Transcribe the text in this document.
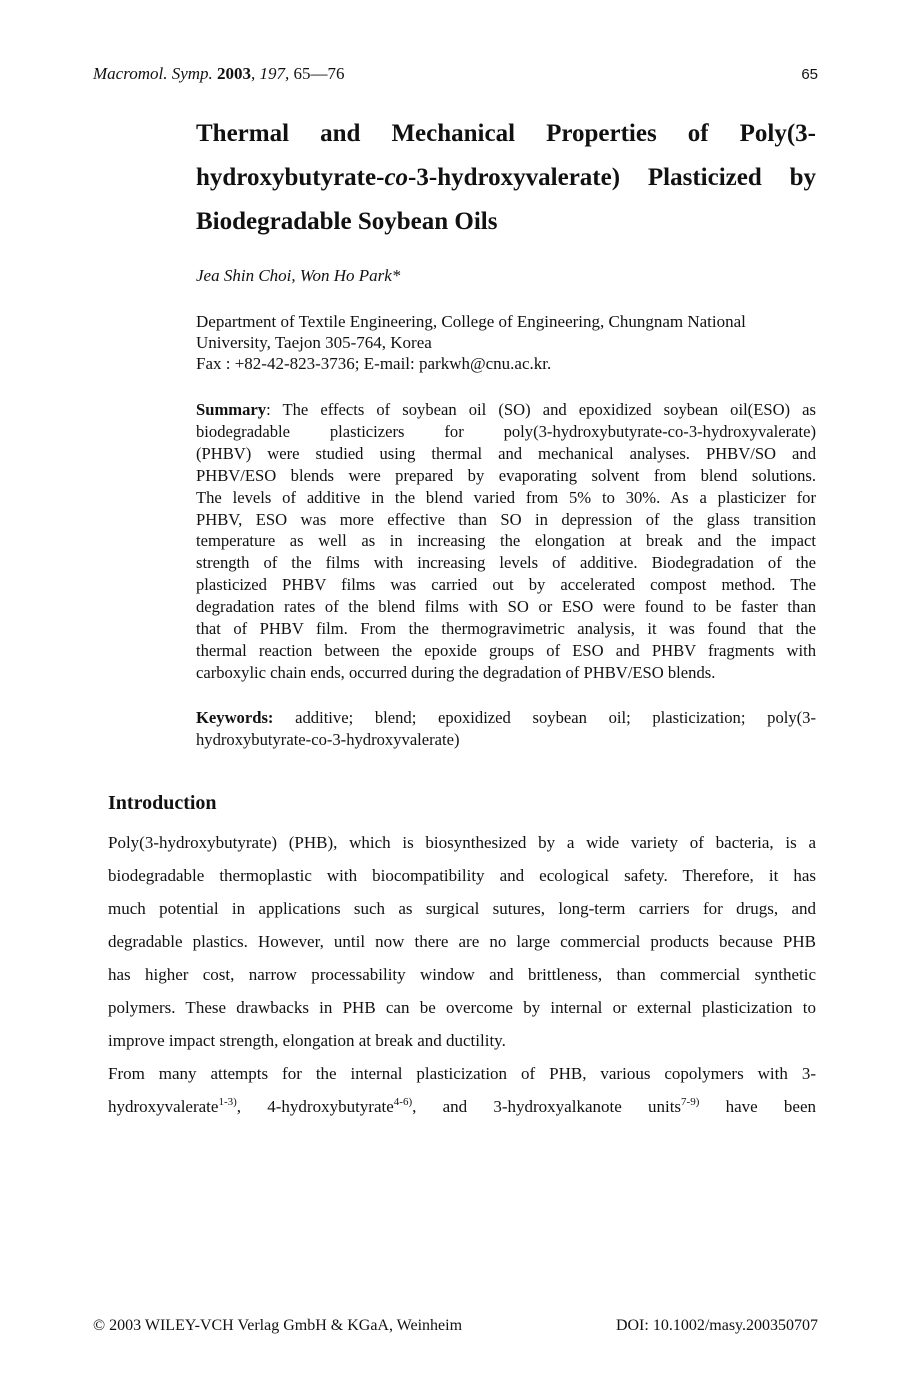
Macromol. Symp. 2003, 197, 65—76	65
Thermal and Mechanical Properties of Poly(3-
hydroxybutyrate-co-3-hydroxyvalerate) Plasticized by
Biodegradable Soybean Oils
Jea Shin Choi, Won Ho Park*
Department of Textile Engineering, College of Engineering, Chungnam National
University, Taejon 305-764, Korea
Fax : +82-42-823-3736; E-mail: parkwh@cnu.ac.kr.
Summary: The effects of soybean oil (SO) and epoxidized soybean oil(ESO) as
biodegradable plasticizers for poly(3-hydroxybutyrate-co-3-hydroxyvalerate)
(PHBV) were studied using thermal and mechanical analyses. PHBV/SO and
PHBV/ESO blends were prepared by evaporating solvent from blend solutions.
The levels of additive in the blend varied from 5% to 30%. As a plasticizer for
PHBV, ESO was more effective than SO in depression of the glass transition
temperature as well as in increasing the elongation at break and the impact
strength of the films with increasing levels of additive. Biodegradation of the
plasticized PHBV films was carried out by accelerated compost method. The
degradation rates of the blend films with SO or ESO were found to be faster than
that of PHBV film. From the thermogravimetric analysis, it was found that the
thermal reaction between the epoxide groups of ESO and PHBV fragments with
carboxylic chain ends, occurred during the degradation of PHBV/ESO blends.
Keywords: additive; blend; epoxidized soybean oil; plasticization; poly(3-
hydroxybutyrate-co-3-hydroxyvalerate)
Introduction
Poly(3-hydroxybutyrate) (PHB), which is biosynthesized by a wide variety of bacteria, is a
biodegradable thermoplastic with biocompatibility and ecological safety. Therefore, it has
much potential in applications such as surgical sutures, long-term carriers for drugs, and
degradable plastics. However, until now there are no large commercial products because PHB
has higher cost, narrow processability window and brittleness, than commercial synthetic
polymers. These drawbacks in PHB can be overcome by internal or external plasticization to
improve impact strength, elongation at break and ductility.
From many attempts for the internal plasticization of PHB, various copolymers with 3-
hydroxyvalerate$^{1-3)}$, 4-hydroxybutyrate$^{4-6)}$, and 3-hydroxyalkanote units$^{7-9)}$ have been
© 2003 WILEY-VCH Verlag GmbH & KGaA, Weinheim	DOI: 10.1002/masy.200350707
